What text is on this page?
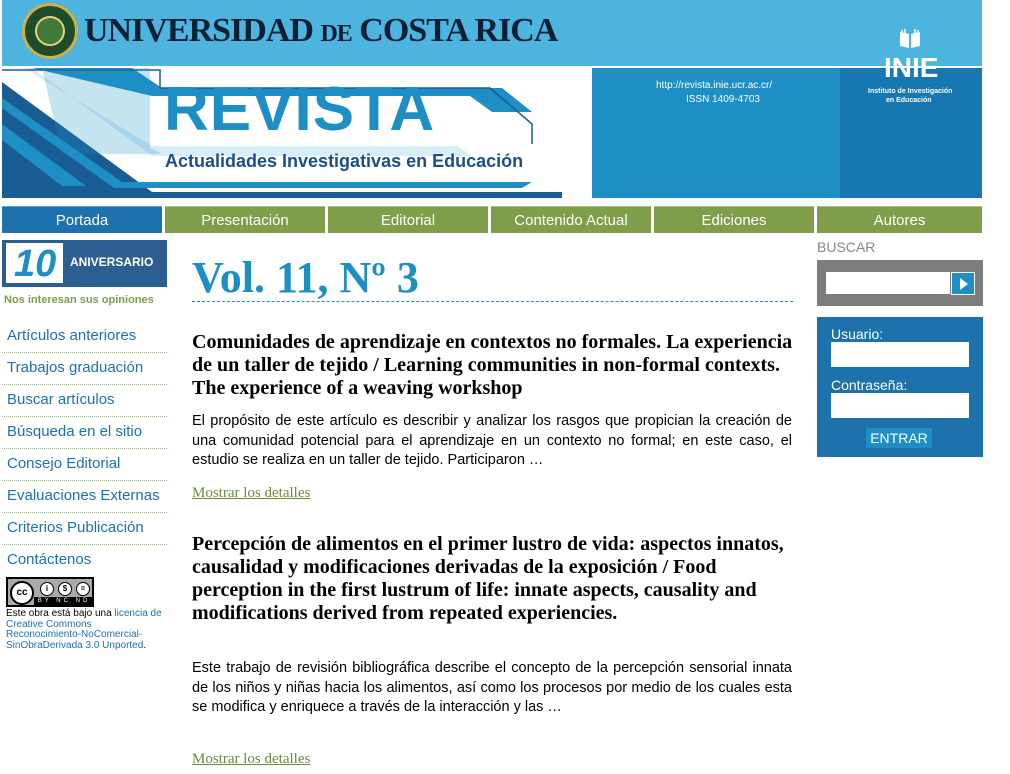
UNIVERSIDAD DE COSTA RICA
REVISTA
Actualidades Investigativas en Educación
http://revista.inie.ucr.ac.cr/
ISSN 1409-4703
INIE
Instituto de Investigación
en Educación
Portada	Presentación	Editorial	Contenido Actual	Ediciones	Autores
10 ANIVERSARIO
Nos interesan sus opiniones
Artículos anteriores
Trabajos graduación
Buscar artículos
Búsqueda en el sitio
Consejo Editorial
Evaluaciones Externas
Criterios Publicación
Contáctenos
cc	i	$	=
BY NC ND
Este obra está bajo una licencia de Creative Commons Reconocimiento-NoComercial-SinObraDerivada 3.0 Unported.
Vol. 11, Nº 3
Comunidades de aprendizaje en contextos no formales. La experiencia de un taller de tejido / Learning communities in non-formal contexts. The experience of a weaving workshop
El propósito de este artículo es describir y analizar los rasgos que propician la creación de una comunidad potencial para el aprendizaje en un contexto no formal; en este caso, el estudio se realiza en un taller de tejido. Participaron …
Mostrar los detalles
Percepción de alimentos en el primer lustro de vida: aspectos innatos, causalidad y modificaciones derivadas de la exposición / Food perception in the first lustrum of life: innate aspects, causality and modifications derived from repeated experiencies.
Este trabajo de revisión bibliográfica describe el concepto de la percepción sensorial innata de los niños y niñas hacia los alimentos, así como los procesos por medio de los cuales esta se modifica y enriquece a través de la interacción y las …
Mostrar los detalles
BUSCAR
Usuario:
Contraseña:
ENTRAR
